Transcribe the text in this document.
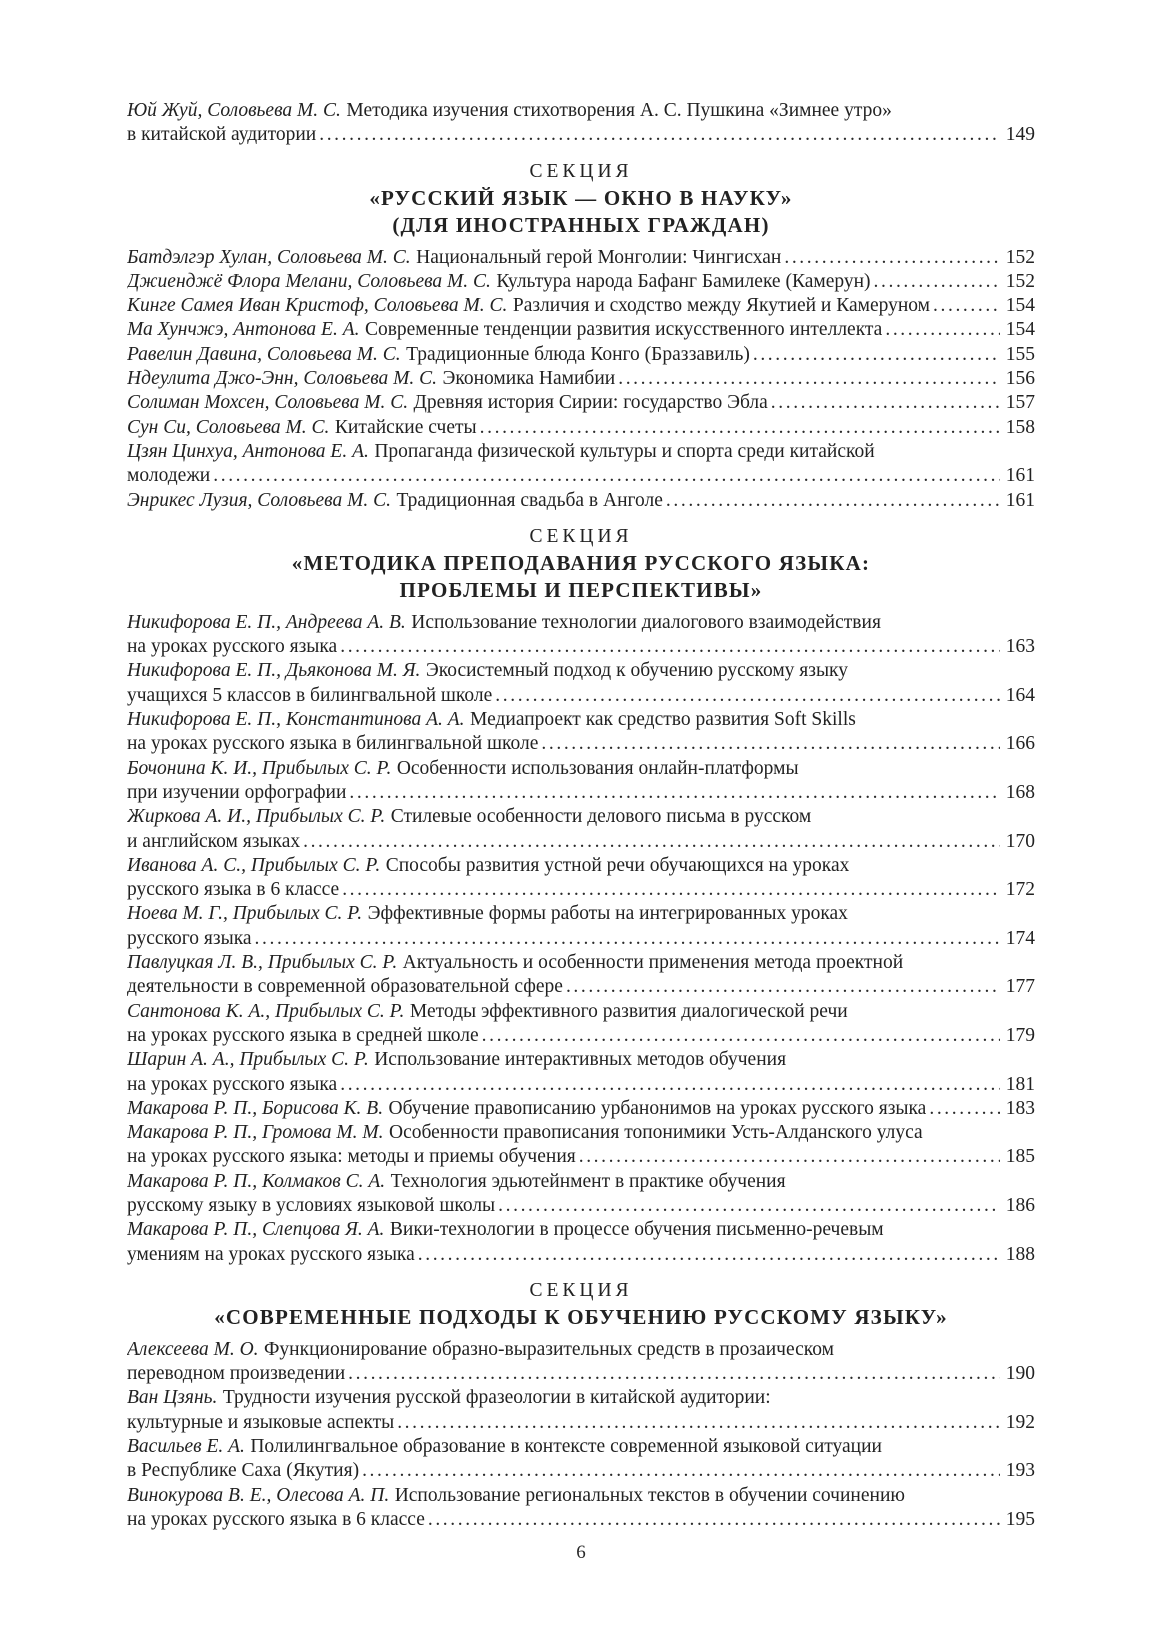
Юй Жуй, Соловьева М. С. Методика изучения стихотворения А. С. Пушкина «Зимнее утро»
в китайской аудитории .....	149
СЕКЦИЯ
«РУССКИЙ ЯЗЫК — ОКНО В НАУКУ»
(ДЛЯ ИНОСТРАННЫХ ГРАЖДАН)
Батдэлгэр Хулан, Соловьева М. С. Национальный герой Монголии: Чингисхан .....	152
Джиенджё Флора Мелани, Соловьева М. С. Культура народа Бафанг Бамилеке (Камерун) .....	152
Кинге Самея Иван Кристоф, Соловьева М. С. Различия и сходство между Якутией и Камеруном .....	154
Ма Хунчжэ, Антонова Е. А. Современные тенденции развития искусственного интеллекта .....	154
Равелин Давина, Соловьева М. С. Традиционные блюда Конго (Браззавиль) .....	155
Ндеулита Джо-Энн, Соловьева М. С. Экономика Намибии .....	156
Солиман Мохсен, Соловьева М. С. Древняя история Сирии: государство Эбла .....	157
Сун Си, Соловьева М. С. Китайские счеты .....	158
Цзян Цинхуа, Антонова Е. А. Пропаганда физической культуры и спорта среди китайской
молодежи .....	161
Энрикес Лузия, Соловьева М. С. Традиционная свадьба в Анголе .....	161
СЕКЦИЯ
«МЕТОДИКА ПРЕПОДАВАНИЯ РУССКОГО ЯЗЫКА:
ПРОБЛЕМЫ И ПЕРСПЕКТИВЫ»
Никифорова Е. П., Андреева А. В. Использование технологии диалогового взаимодействия
на уроках русского языка .....	163
Никифорова Е. П., Дьяконова М. Я. Экосистемный подход к обучению русскому языку
учащихся 5 классов в билингвальной школе .....	164
Никифорова Е. П., Константинова А. А. Медиапроект как средство развития Soft Skills
на уроках русского языка в билингвальной школе .....	166
Бочонина К. И., Прибылых С. Р. Особенности использования онлайн-платформы
при изучении орфографии .....	168
Жиркова А. И., Прибылых С. Р. Стилевые особенности делового письма в русском
и английском языках .....	170
Иванова А. С., Прибылых С. Р. Способы развития устной речи обучающихся на уроках
русского языка в 6 классе .....	172
Ноева М. Г., Прибылых С. Р. Эффективные формы работы на интегрированных уроках
русского языка .....	174
Павлуцкая Л. В., Прибылых С. Р. Актуальность и особенности применения метода проектной
деятельности в современной образовательной сфере .....	177
Сантонова К. А., Прибылых С. Р. Методы эффективного развития диалогической речи
на уроках русского языка в средней школе .....	179
Шарин А. А., Прибылых С. Р. Использование интерактивных методов обучения
на уроках русского языка .....	181
Макарова Р. П., Борисова К. В. Обучение правописанию урбанонимов на уроках русского языка .....	183
Макарова Р. П., Громова М. М. Особенности правописания топонимики Усть-Алданского улуса
на уроках русского языка: методы и приемы обучения .....	185
Макарова Р. П., Колмаков С. А. Технология эдьютейнмент в практике обучения
русскому языку в условиях языковой школы .....	186
Макарова Р. П., Слепцова Я. А. Вики-технологии в процессе обучения письменно-речевым
умениям на уроках русского языка .....	188
СЕКЦИЯ
«СОВРЕМЕННЫЕ ПОДХОДЫ К ОБУЧЕНИЮ РУССКОМУ ЯЗЫКУ»
Алексеева М. О. Функционирование образно-выразительных средств в прозаическом
переводном произведении .....	190
Ван Цзянь. Трудности изучения русской фразеологии в китайской аудитории:
культурные и языковые аспекты .....	192
Васильев Е. А. Полилингвальное образование в контексте современной языковой ситуации
в Республике Саха (Якутия) .....	193
Винокурова В. Е., Олесова А. П. Использование региональных текстов в обучении сочинению
на уроках русского языка в 6 классе .....	195
6
